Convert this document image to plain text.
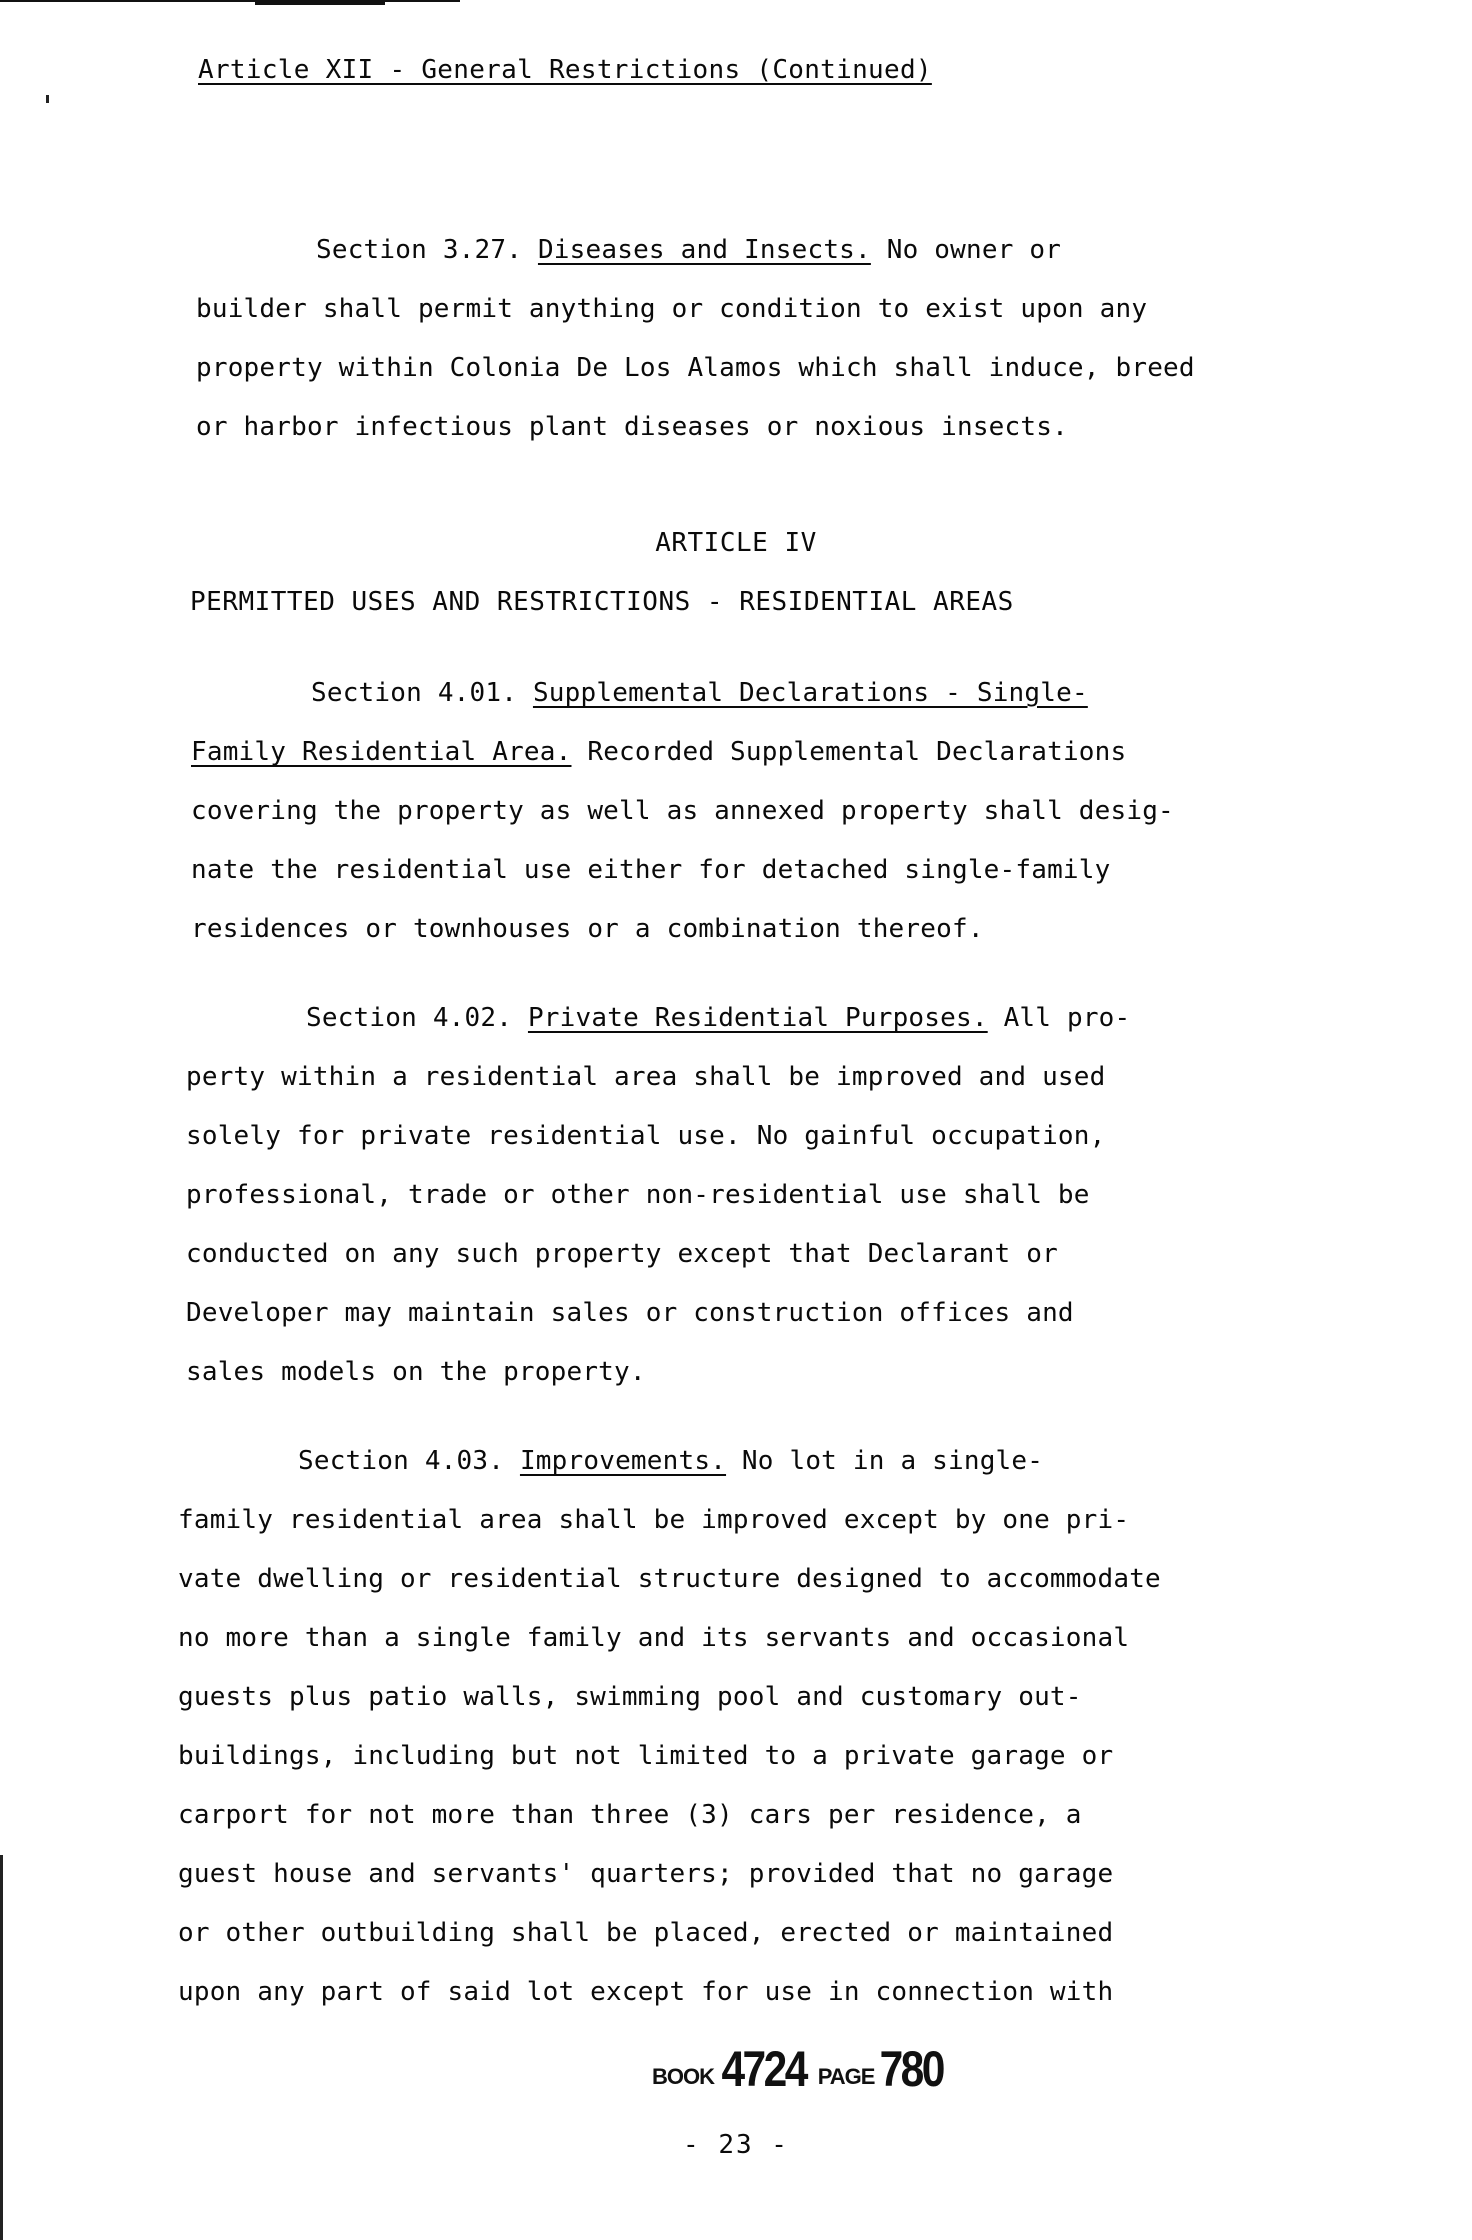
Article XII - General Restrictions (Continued)

Section 3.27. Diseases and Insects. No owner or
builder shall permit anything or condition to exist upon any
property within Colonia De Los Alamos which shall induce, breed
or harbor infectious plant diseases or noxious insects.

ARTICLE IV
PERMITTED USES AND RESTRICTIONS - RESIDENTIAL AREAS

Section 4.01. Supplemental Declarations - Single-
Family Residential Area. Recorded Supplemental Declarations
covering the property as well as annexed property shall desig-
nate the residential use either for detached single-family
residences or townhouses or a combination thereof.

Section 4.02. Private Residential Purposes. All pro-
perty within a residential area shall be improved and used
solely for private residential use. No gainful occupation,
professional, trade or other non-residential use shall be
conducted on any such property except that Declarant or
Developer may maintain sales or construction offices and
sales models on the property.

Section 4.03. Improvements. No lot in a single-
family residential area shall be improved except by one pri-
vate dwelling or residential structure designed to accommodate
no more than a single family and its servants and occasional
guests plus patio walls, swimming pool and customary out-
buildings, including but not limited to a private garage or
carport for not more than three (3) cars per residence, a
guest house and servants' quarters; provided that no garage
or other outbuilding shall be placed, erected or maintained
upon any part of said lot except for use in connection with

BOOK 4724 PAGE 780
- 23 -
